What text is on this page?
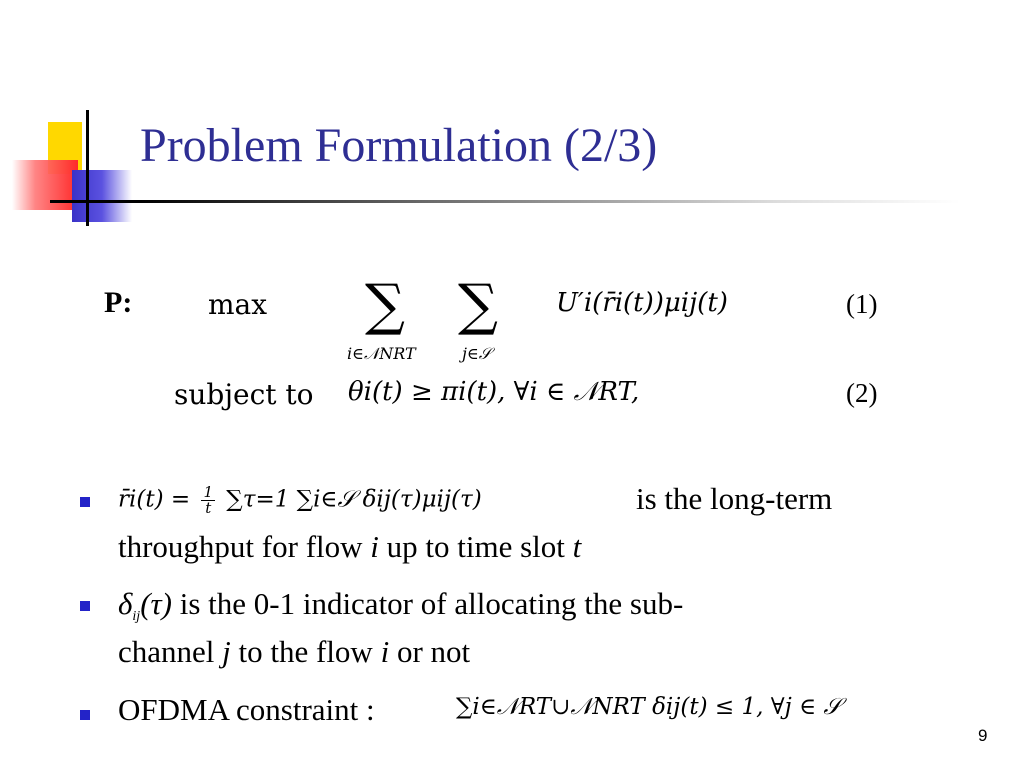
Problem Formulation (2/3)
P:	max ∑ ∑
i∈𝒩NRT	j∈𝒮
U′i(r̄i(t))μij(t)	(1)
subject to θi(t) ≥ πi(t), ∀i ∈ 𝒩RT,	(2)
r̄i(t) = $\frac{1}{t} \sum\tau=1$ ∑i∈𝒮 δij(τ)μij(τ)	is the long-term
throughput for flow i up to time slot t
δij(τ) is the 0-1 indicator of allocating the sub-
channel j to the flow i or not
OFDMA constraint :	∑i∈𝒩RT∪𝒩NRT δij(t) ≤ 1, ∀j ∈ 𝒮
9
